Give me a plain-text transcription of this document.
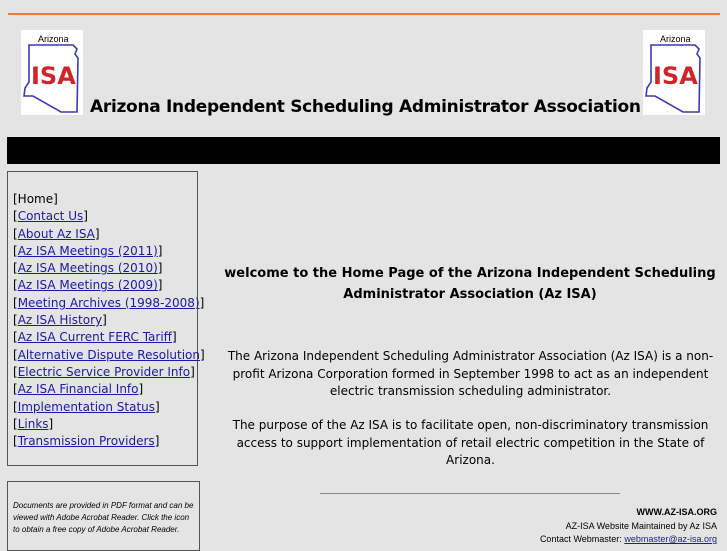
Arizona
ISA
Arizona
ISA
Arizona Independent Scheduling Administrator Association
[Home]
[Contact Us]
[About Az ISA]
[Az ISA Meetings (2011)]
[Az ISA Meetings (2010)]
[Az ISA Meetings (2009)]
[Meeting Archives (1998-2008)]
[Az ISA History]
[Az ISA Current FERC Tariff]
[Alternative Dispute Resolution]
[Electric Service Provider Info]
[Az ISA Financial Info]
[Implementation Status]
[Links]
[Transmission Providers]
Documents are provided in PDF format and can be viewed with Adobe Acrobat Reader. Click the icon to obtain a free copy of Adobe Acrobat Reader.
welcome to the Home Page of the Arizona Independent Scheduling Administrator Association (Az ISA)
The Arizona Independent Scheduling Administrator Association (Az ISA) is a non-profit Arizona Corporation formed in September 1998 to act as an independent electric transmission scheduling administrator.
The purpose of the Az ISA is to facilitate open, non-discriminatory transmission access to support implementation of retail electric competition in the State of Arizona.
WWW.AZ-ISA.ORG
AZ-ISA Website Maintained by Az ISA
Contact Webmaster: webmaster@az-isa.org
